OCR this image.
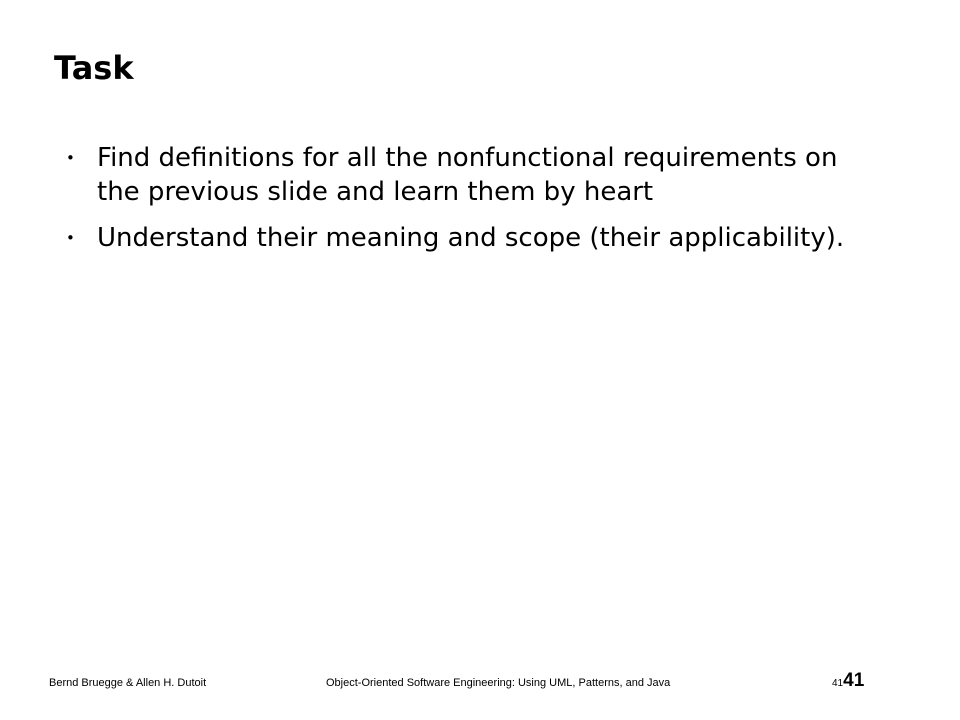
Task
• Find definitions for all the nonfunctional requirements on the previous slide and learn them by heart
• Understand their meaning and scope (their applicability).
Bernd Bruegge & Allen H. Dutoit	Object-Oriented Software Engineering: Using UML, Patterns, and Java	4141
